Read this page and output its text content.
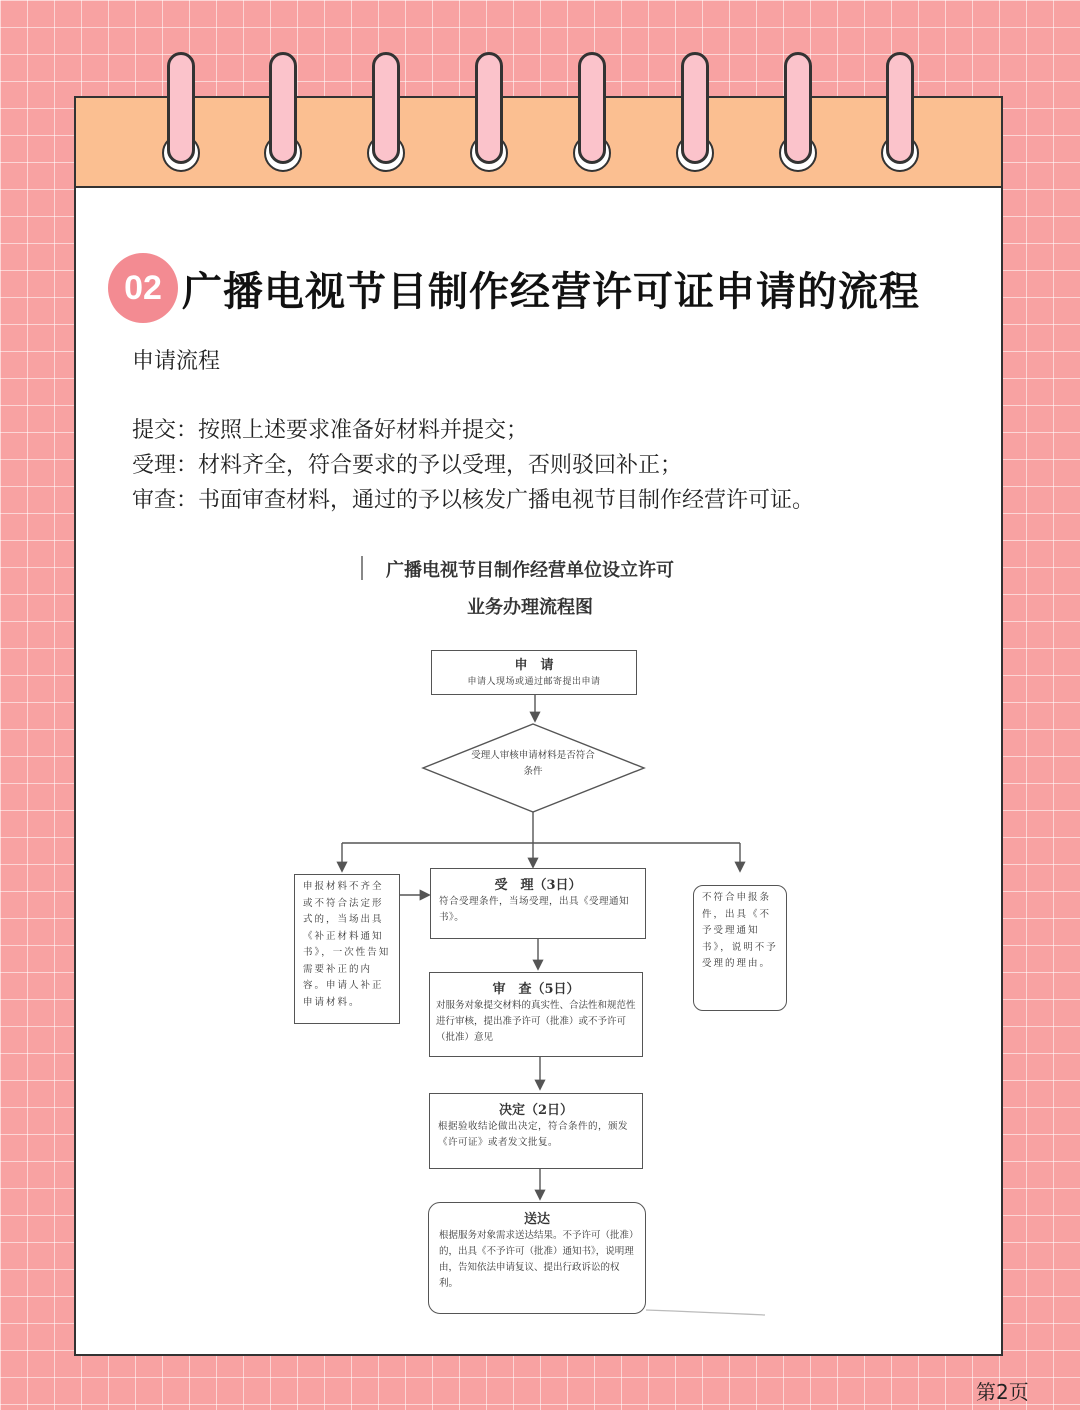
02 广播电视节目制作经营许可证申请的流程
申请流程
提交：按照上述要求准备好材料并提交；
受理：材料齐全，符合要求的予以受理，否则驳回补正；
审查：书面审查材料，通过的予以核发广播电视节目制作经营许可证。
广播电视节目制作经营单位设立许可
业务办理流程图
申　请
申请人现场或通过邮寄提出申请
受理人审核申请材料是否符合条件
申报材料不齐全或不符合法定形式的，当场出具《补正材料通知书》，一次性告知需要补正的内容。申请人补正申请材料。
不符合申报条件，出具《不予受理通知书》，说明不予受理的理由。
受　理（3日）
符合受理条件，当场受理，出具《受理通知书》。
审　查（5日）
对服务对象提交材料的真实性、合法性和规范性进行审核，提出准予许可（批准）或不予许可（批准）意见
决定（2日）
根据验收结论做出决定，符合条件的，颁发《许可证》或者发文批复。
送达
根据服务对象需求送达结果。不予许可（批准）的，出具《不予许可（批准）通知书》，说明理由，告知依法申请复议、提出行政诉讼的权利。
第2页
